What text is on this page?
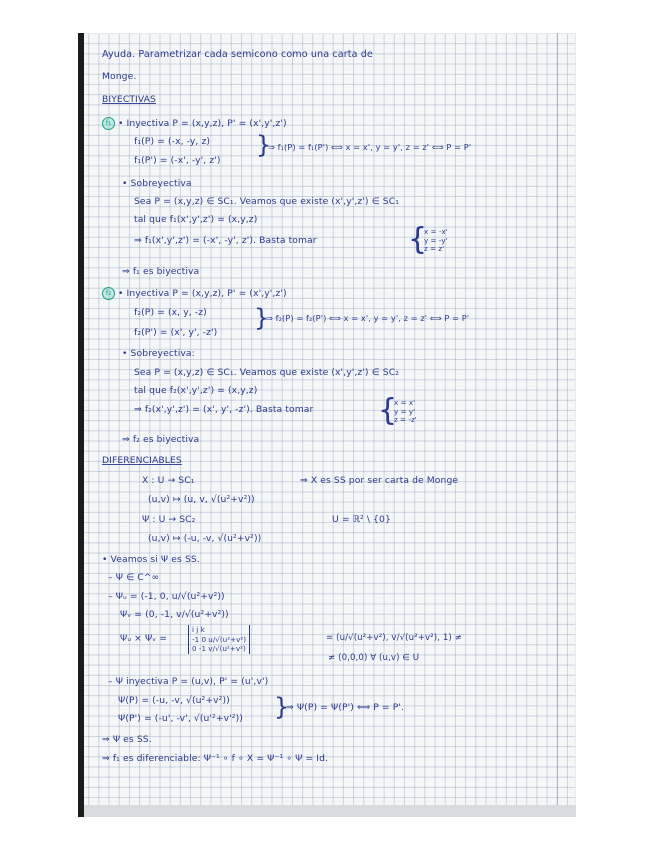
Ayuda. Parametrizar cada semicono como una carta de
Monge.
BIYECTIVAS
f₁ • Inyectiva P = (x,y,z), P' = (x',y',z')
f₁(P) = (-x, -y, z) }
⇒ f₁(P) = f₁(P') ⟺ x = x', y = y', z = z' ⟺ P = P'
f₁(P') = (-x', -y', z')
• Sobreyectiva
Sea P = (x,y,z) ∈ SC₁. Veamos que existe (x',y',z') ∈ SC₁
tal que f₁(x',y',z') = (x,y,z)
⇒ f₁(x',y',z') = (-x', -y', z'). Basta tomar	{
x = -x'
y = -y'
z = z'
⇒ f₁ es biyectiva
f₂ • Inyectiva P = (x,y,z), P' = (x',y',z')
f₂(P) = (x, y, -z) }
⇒ f₂(P) = f₂(P') ⟺ x = x', y = y', z = z' ⟺ P = P'
f₂(P') = (x', y', -z')
• Sobreyectiva:
Sea P = (x,y,z) ∈ SC₁. Veamos que existe (x',y',z') ∈ SC₂
tal que f₂(x',y',z') = (x,y,z)
⇒ f₂(x',y',z') = (x', y', -z'). Basta tomar {
x = x'
y = y'
z = -z'
⇒ f₂ es biyectiva
DIFERENCIABLES
X : U → SC₁	⇒ X es SS por ser carta de Monge
(u,v) ↦ (u, v, √(u²+v²))
Ψ : U → SC₂	U = ℝ² \ {0}
(u,v) ↦ (-u, -v, √(u²+v²))
• Veamos si Ψ es SS.
– Ψ ∈ C^∞
– Ψᵤ = (-1, 0, u/√(u²+v²))
Ψᵥ = (0, -1, v/√(u²+v²))
Ψᵤ × Ψᵥ =
i j k
-1 0 u/√(u²+v²)
0 -1 v/√(u²+v²)
= (u/√(u²+v²), v/√(u²+v²), 1) ≠
≠ (0,0,0) ∀ (u,v) ∈ U
– Ψ inyectiva P = (u,v), P' = (u',v')
Ψ(P) = (-u, -v, √(u²+v²)) }
⇒ Ψ(P) = Ψ(P') ⟺ P = P'.
Ψ(P') = (-u', -v', √(u'²+v'²))
⇒ Ψ es SS.
⇒ f₁ es diferenciable: Ψ⁻¹ ∘ f ∘ X = Ψ⁻¹ ∘ Ψ = Id.
